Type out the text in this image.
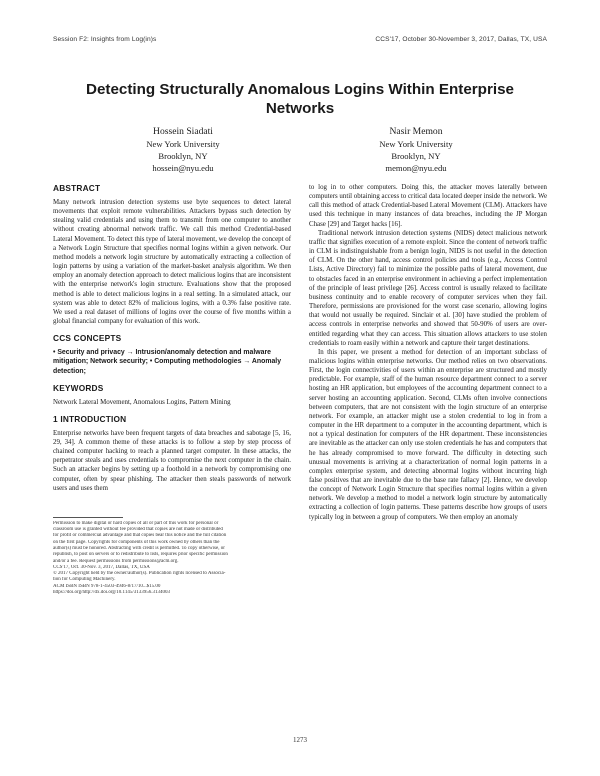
Session F2: Insights from Log(in)s	CCS'17, October 30-November 3, 2017, Dallas, TX, USA
Detecting Structurally Anomalous Logins Within Enterprise Networks
Hossein Siadati
New York University
Brooklyn, NY
hossein@nyu.edu
Nasir Memon
New York University
Brooklyn, NY
memon@nyu.edu
ABSTRACT

Many network intrusion detection systems use byte sequences to detect lateral movements that exploit remote vulnerabilities. Attackers bypass such detection by stealing valid credentials and using them to transmit from one computer to another without creating abnormal network traffic. We call this method Credential-based Lateral Movement. To detect this type of lateral movement, we develop the concept of a Network Login Structure that specifies normal logins within a given network. Our method models a network login structure by automatically extracting a collection of login patterns by using a variation of the market-basket analysis algorithm. We then employ an anomaly detection approach to detect malicious logins that are inconsistent with the enterprise network's login structure. Evaluations show that the proposed method is able to detect malicious logins in a real setting. In a simulated attack, our system was able to detect 82% of malicious logins, with a 0.3% false positive rate. We used a real dataset of millions of logins over the course of five months within a global financial company for evaluation of this work.

CCS CONCEPTS

• Security and privacy → Intrusion/anomaly detection and malware mitigation; Network security; • Computing methodologies → Anomaly detection;

KEYWORDS

Network Lateral Movement, Anomalous Logins, Pattern Mining

1 INTRODUCTION

Enterprise networks have been frequent targets of data breaches and sabotage [5, 16, 29, 34]. A common theme of these attacks is to follow a step by step process of chained computer hacking to reach a planned target computer. In these attacks, the perpetrator steals and uses credentials to compromise the next computer in the chain. Such an attacker begins by setting up a foothold in a network by compromising one computer, often by spear phishing. The attacker then steals passwords of network users and uses them

Permission to make digital or hard copies of all or part of this work for personal or
classroom use is granted without fee provided that copies are not made or distributed
for profit or commercial advantage and that copies bear this notice and the full citation
on the first page. Copyrights for components of this work owned by others than the
author(s) must be honored. Abstracting with credit is permitted. To copy otherwise, or
republish, to post on servers or to redistribute to lists, requires prior specific permission
and/or a fee. Request permissions from permissions@acm.org.
CCS'17, Oct. 30-Nov. 3, 2017, Dallas, TX, USA
© 2017 Copyright held by the owner/author(s). Publication rights licensed to Associa-
tion for Computing Machinery.
ACM ISBN ISBN 978-1-4503-4946-8/17/10...$15.00
https://doi.org/http://dx.doi.org/10.1145/3133956.3134003

to log in to other computers. Doing this, the attacker moves laterally between computers until obtaining access to critical data located deeper inside the network. We call this method of attack Credential-based Lateral Movement (CLM). Attackers have used this technique in many instances of data breaches, including the JP Morgan Chase [29] and Target hacks [16].

Traditional network intrusion detection systems (NIDS) detect malicious network traffic that signifies execution of a remote exploit. Since the content of network traffic in CLM is indistinguishable from a benign login, NIDS is not useful in the detection of CLM. On the other hand, access control policies and tools (e.g., Access Control Lists, Active Directory) fail to minimize the possible paths of lateral movement, due to obstacles faced in an enterprise environment in achieving a perfect implementation of the principle of least privilege [26]. Access control is usually relaxed to facilitate business continuity and to enable recovery of computer services when they fail. Therefore, permissions are provisioned for the worst case scenario, allowing logins that would not usually be required. Sinclair et al. [30] have studied the problem of access controls in enterprise networks and showed that 50-90% of users are over-entitled regarding what they can access. This situation allows attackers to use stolen credentials to roam easily within a network and capture their target destinations.

In this paper, we present a method for detection of an important subclass of malicious logins within enterprise networks. Our method relies on two observations. First, the login connectivities of users within an enterprise are structured and mostly predictable. For example, staff of the human resource department connect to a server hosting an HR application, but employees of the accounting department connect to a server hosting an accounting application. Second, CLMs often involve connections between computers, that are not consistent with the login structure of an enterprise network. For example, an attacker might use a stolen credential to log in from a computer in the HR department to a computer in the accounting department, which is not a typical destination for computers of the HR department. These inconsistencies are inevitable as the attacker can only use stolen credentials he has and computers that he has already compromised to move forward. The difficulty in detecting such unusual movements is arriving at a characterization of normal login patterns in a complex enterprise system, and detecting abnormal logins without incurring high false positives that are inevitable due to the base rate fallacy [2]. Hence, we develop the concept of Network Login Structure that specifies normal logins within a given network. We develop a method to model a network login structure by automatically extracting a collection of login patterns. These patterns describe how groups of users typically log in between a group of computers. We then employ an anomaly

1273
